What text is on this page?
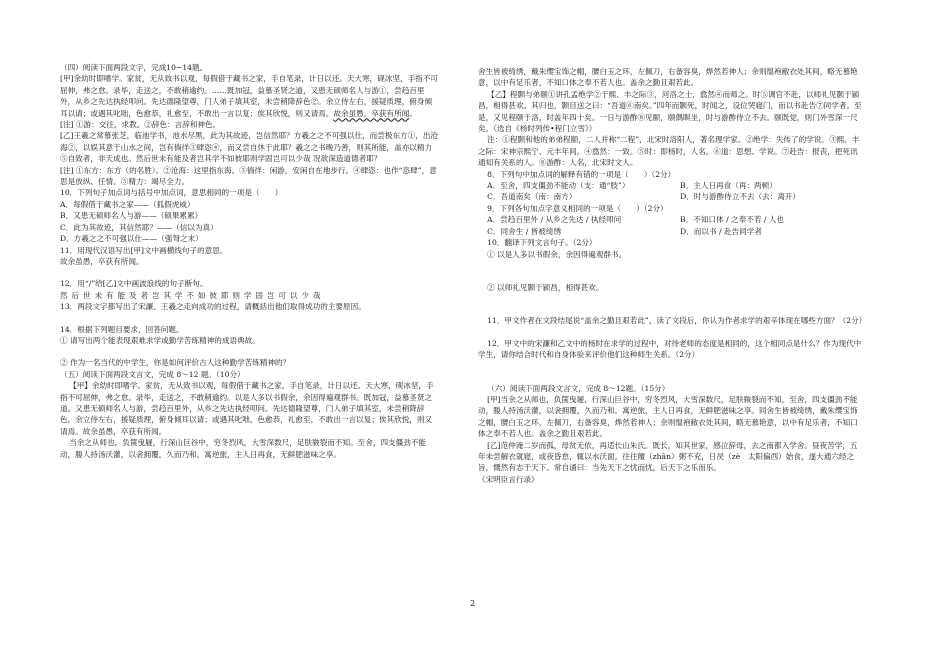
（四）阅读下面两段文字，完成10~14题。

[甲]余幼时即嗜学。家贫，无从致书以观，每假借于藏书之家，手自笔录，计日以还。天大寒，砚冰坚，手指不可屈伸，弗之怠。录毕，走送之，不敢稍逾约。……既加冠，益慕圣贤之道，又患无硕师名人与游①，尝趋百里外，从乡之先达执经叩问。先达德隆望尊，门人弟子填其室，未尝稍降辞色②。余立侍左右，援疑质理，俯身倾耳以请；或遇其叱咄，色愈恭，礼愈至，不敢出一言以复；俟其欣悦，则又请焉。故余虽愚，卒获有所闻。

[注] ①游：交往，求教。②辞色：言辞和神色。

[乙]王羲之常慕张芝，临池学书，池水尽黑，此为其故迹，岂信然耶？方羲之之不可强以仕，而尝极东方①，出沧海②，以娱其意于山水之间，岂有徜徉③肆恣④，而又尝自休于此耶？羲之之书晚乃善，则其所能，盖亦以精力⑤自致者，非天成也。然后世未有能及者岂其学不如彼耶则学固岂可以少哉 况欲深造道德者耶？

[注] ①东方：东方（的名胜）。②沧海：这里指东海。③徜徉：闲游，安闲自在地步行。④肆恣：也作“恣肆”，意思是放纵、任情。⑤精力：竭尽全力。

10．下列句子加点词与括号中加点词，意思相同的一项是（　　）

A．每假借于藏书之家——（狐假虎威）

B．又患无硕师名人与游——（硕果累累）

C．此为其故迹，其信然耶？——（信以为真）

D．方羲之之不可强以仕——（强弩之末）

11．用现代汉语写出[甲]文中画横线句子的意思。

故余虽愚，卒获有所闻。

12．用“/”给[乙]文中画波浪线的句子断句。

然后世未有能及者岂其学不如彼耶则学固岂可以少哉

13．两段文字都写出了宋濂、王羲之走向成功的过程，请概括出他们取得成功的主要原因。

14．根据下列题目要求，回答问题。

① 请写出两个能表现艰难求学或勤学苦练精神的成语典故。

② 作为一名当代的中学生，你是如何评价古人这种勤学苦练精神的？

（五）阅读下面两段文言文，完成 8～12 题。（10分）

【甲】余幼时即嗜学。家贫，无从致书以观，每假借于藏书之家，手自笔录，计日以还。天大寒，砚冰坚，手指不可屈伸，弗之怠。录毕，走送之，不敢稍逾约。以是人多以书假余，余因得遍观群书。既加冠，益慕圣贤之道。又患无硕师名人与游，尝趋百里外，从乡之先达执经叩问。先达德隆望尊，门人弟子填其室，未尝稍降辞色。余立侍左右，援疑质理，俯身倾耳以请；或遇其叱咄，色愈恭，礼愈至，不敢出一言以复；俟其欣悦，则又请焉。故余虽愚，卒获有所闻。

当余之从师也，负箧曳屣，行深山巨谷中，穷冬烈风，大雪深数尺，足肤皲裂而不知。至舍，四支僵劲不能动，媵人持汤沃灌，以衾拥覆，久而乃和。寓逆旅，主人日再食，无鲜肥滋味之享。

舍生皆被绮绣，戴朱缨宝饰之帽，腰白玉之环，左佩刀，右备容臭，烨然若神人；余则缊袍敝衣处其间，略无慕艳意，以中有足乐者，不知口体之奉不若人也。盖余之勤且艰若此。

【乙】程颢与弟颐①讲孔孟绝学②于熙、丰之际③，河洛之士，翕然④而师之。时⑤调官不赴，以师礼见颢于颍昌，相得甚欢。其归也，颢目送之曰：“吾道⑥南矣。”四年而颢死，时闻之，设位哭寝门，而以书赴告⑦同学者。至是，又见程颐于洛，时盖年四十矣。一日与游酢⑧见颐，颐偶瞑坐，时与游酢侍立不去。颐既觉，则门外雪深一尺矣。（选自《杨时列传•程门立雪》）

注：①程颢和他的弟弟程颐，二人并称“二程”，北宋时洛阳人，著名理学家。②绝学：失传了的学说。③熙、丰之际：宋神宗熙宁、元丰年间。④翕然：一致。⑤时：即杨时，人名。⑥道：思想、学说。⑦赴告：报丧，把死讯通知有关系的人。⑧游酢：人名，北宋时文人。

8．下列句中加点词的解释有错的一项是（　　）（2分）

A．至舍，四支僵劲不能动（支：通“肢”）	B．主人日再食（再：两顿）
C．吾道南矣（南：南方）	D．时与游酢侍立不去（去：离开）

9．下列各句加点字意义相同的一项是（　　）（2分）

A．尝趋百里外 / 从乡之先达 / 执经叩问	B．不知口体 / 之奉不若 / 人也
C．同舍生 / 皆被绮绣	D．而以书 / 赴告同学者

10．翻译下列文言句子。（2分）

① 以是人多以书假余，余因得遍观群书。

② 以师礼见颢于颍昌，相得甚欢。

11．甲文作者在文段结尾说“盖余之勤且艰若此”，读了文段后，你认为作者求学的艰辛体现在哪些方面？（2分）

12．甲文中的宋濂和乙文中的杨时在求学的过程中，对待老师的态度是相同的，这个相同点是什么？作为现代中学生，请你结合时代和自身体验来评价他们这种师生关系。（2分）

（六）阅读下面两段文言文，完成 8～12题。（15分）

[甲]当余之从师也，负箧曳屣，行深山巨谷中，穷冬烈风，大雪深数尺，足肤皲裂而不知，至舍，四支僵劲不能动，媵人持汤沃灌，以衾拥覆，久而乃和。寓逆旅，主人日再食，无鲜肥滋味之享。同舍生皆被绮绣，戴朱缨宝饰之帽，腰白玉之环，左佩刀，右备容臭，烨然若神人；余则缊袍敝衣处其间，略无慕艳意，以中有足乐者，不知口体之奉不若人也。盖余之勤且艰若此。

[乙]范仲淹二岁而孤，母贫无依，再适长山朱氏。既长，知其世家，感泣辞母，去之南都入学舍。昼夜苦学，五年未尝解衣就寝，或夜昏怠，辄以水沃面。往往饘（zhān）粥不充，日昃（zè　太阳偏西）始食，遂大通六经之旨，慨然有志于天下。常自诵曰：当先天下之忧而忧，后天下之乐而乐。

《宋明臣言行录》

2
